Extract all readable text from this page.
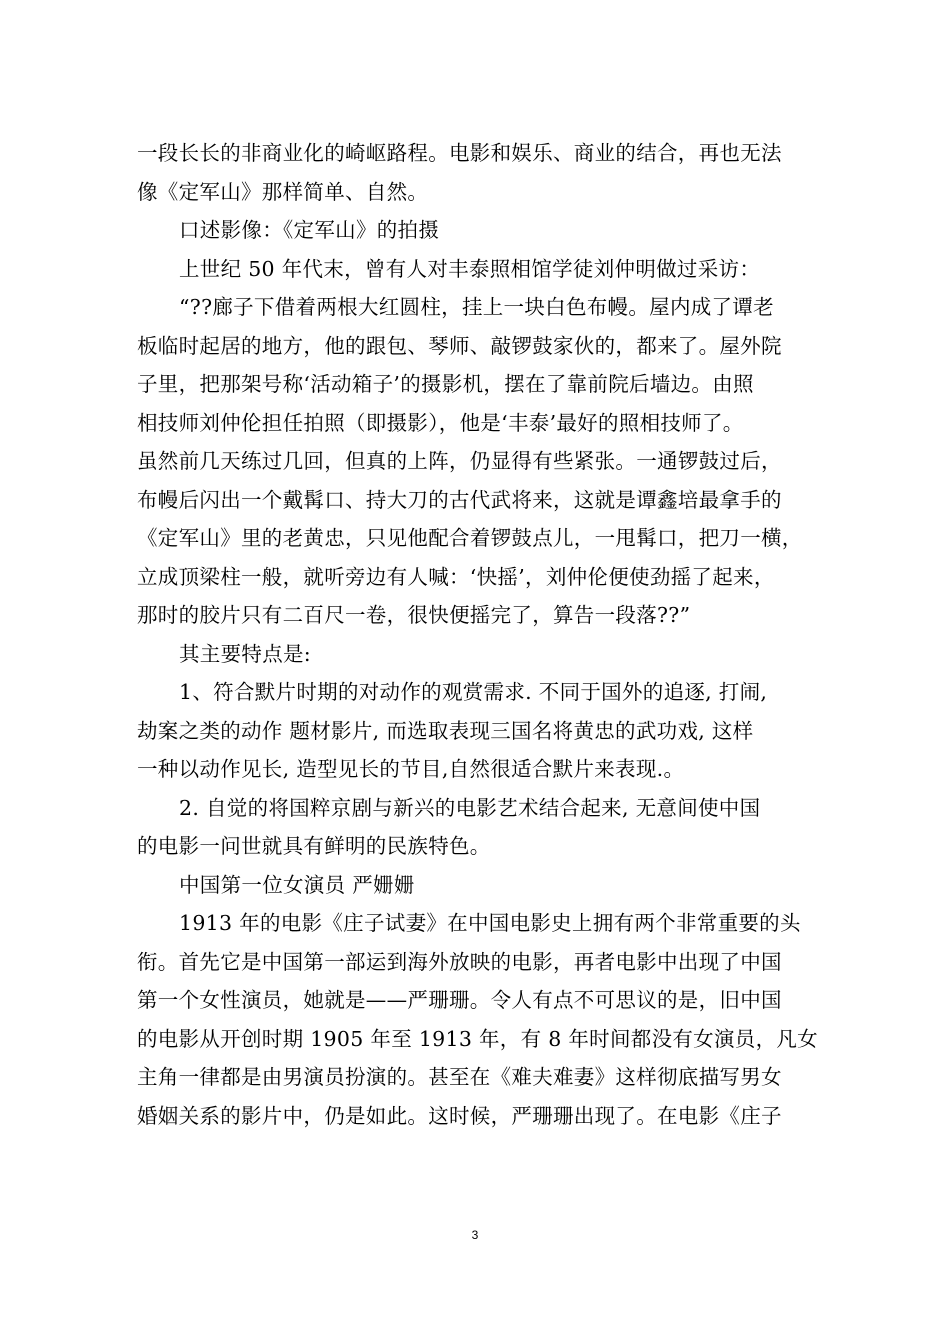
一段长长的非商业化的崎岖路程。电影和娱乐、商业的结合，再也无法
像《定军山》那样简单、自然。

口述影像：《定军山》的拍摄

上世纪 50 年代末，曾有人对丰泰照相馆学徒刘仲明做过采访：

“??廊子下借着两根大红圆柱，挂上一块白色布幔。屋内成了谭老
板临时起居的地方，他的跟包、琴师、敲锣鼓家伙的，都来了。屋外院
子里，把那架号称‘活动箱子’的摄影机，摆在了靠前院后墙边。由照
相技师刘仲伦担任拍照（即摄影），他是‘丰泰’最好的照相技师了。
虽然前几天练过几回，但真的上阵，仍显得有些紧张。一通锣鼓过后，
布幔后闪出一个戴髯口、持大刀的古代武将来，这就是谭鑫培最拿手的
《定军山》里的老黄忠，只见他配合着锣鼓点儿，一甩髯口，把刀一横，
立成顶梁柱一般，就听旁边有人喊：‘快摇’，刘仲伦便使劲摇了起来，
那时的胶片只有二百尺一卷，很快便摇完了，算告一段落??”

其主要特点是:

1、符合默片时期的对动作的观赏需求. 不同于国外的追逐, 打闹,
劫案之类的动作 题材影片, 而选取表现三国名将黄忠的武功戏, 这样
一种以动作见长, 造型见长的节目,自然很适合默片来表现.。

2. 自觉的将国粹京剧与新兴的电影艺术结合起来, 无意间使中国
的电影一问世就具有鲜明的民族特色。

中国第一位女演员 严姗姗

1913 年的电影《庄子试妻》在中国电影史上拥有两个非常重要的头
衔。首先它是中国第一部运到海外放映的电影，再者电影中出现了中国
第一个女性演员，她就是——严珊珊。令人有点不可思议的是，旧中国
的电影从开创时期 1905 年至 1913 年，有 8 年时间都没有女演员，凡女
主角一律都是由男演员扮演的。甚至在《难夫难妻》这样彻底描写男女
婚姻关系的影片中，仍是如此。这时候，严珊珊出现了。在电影《庄子

3
